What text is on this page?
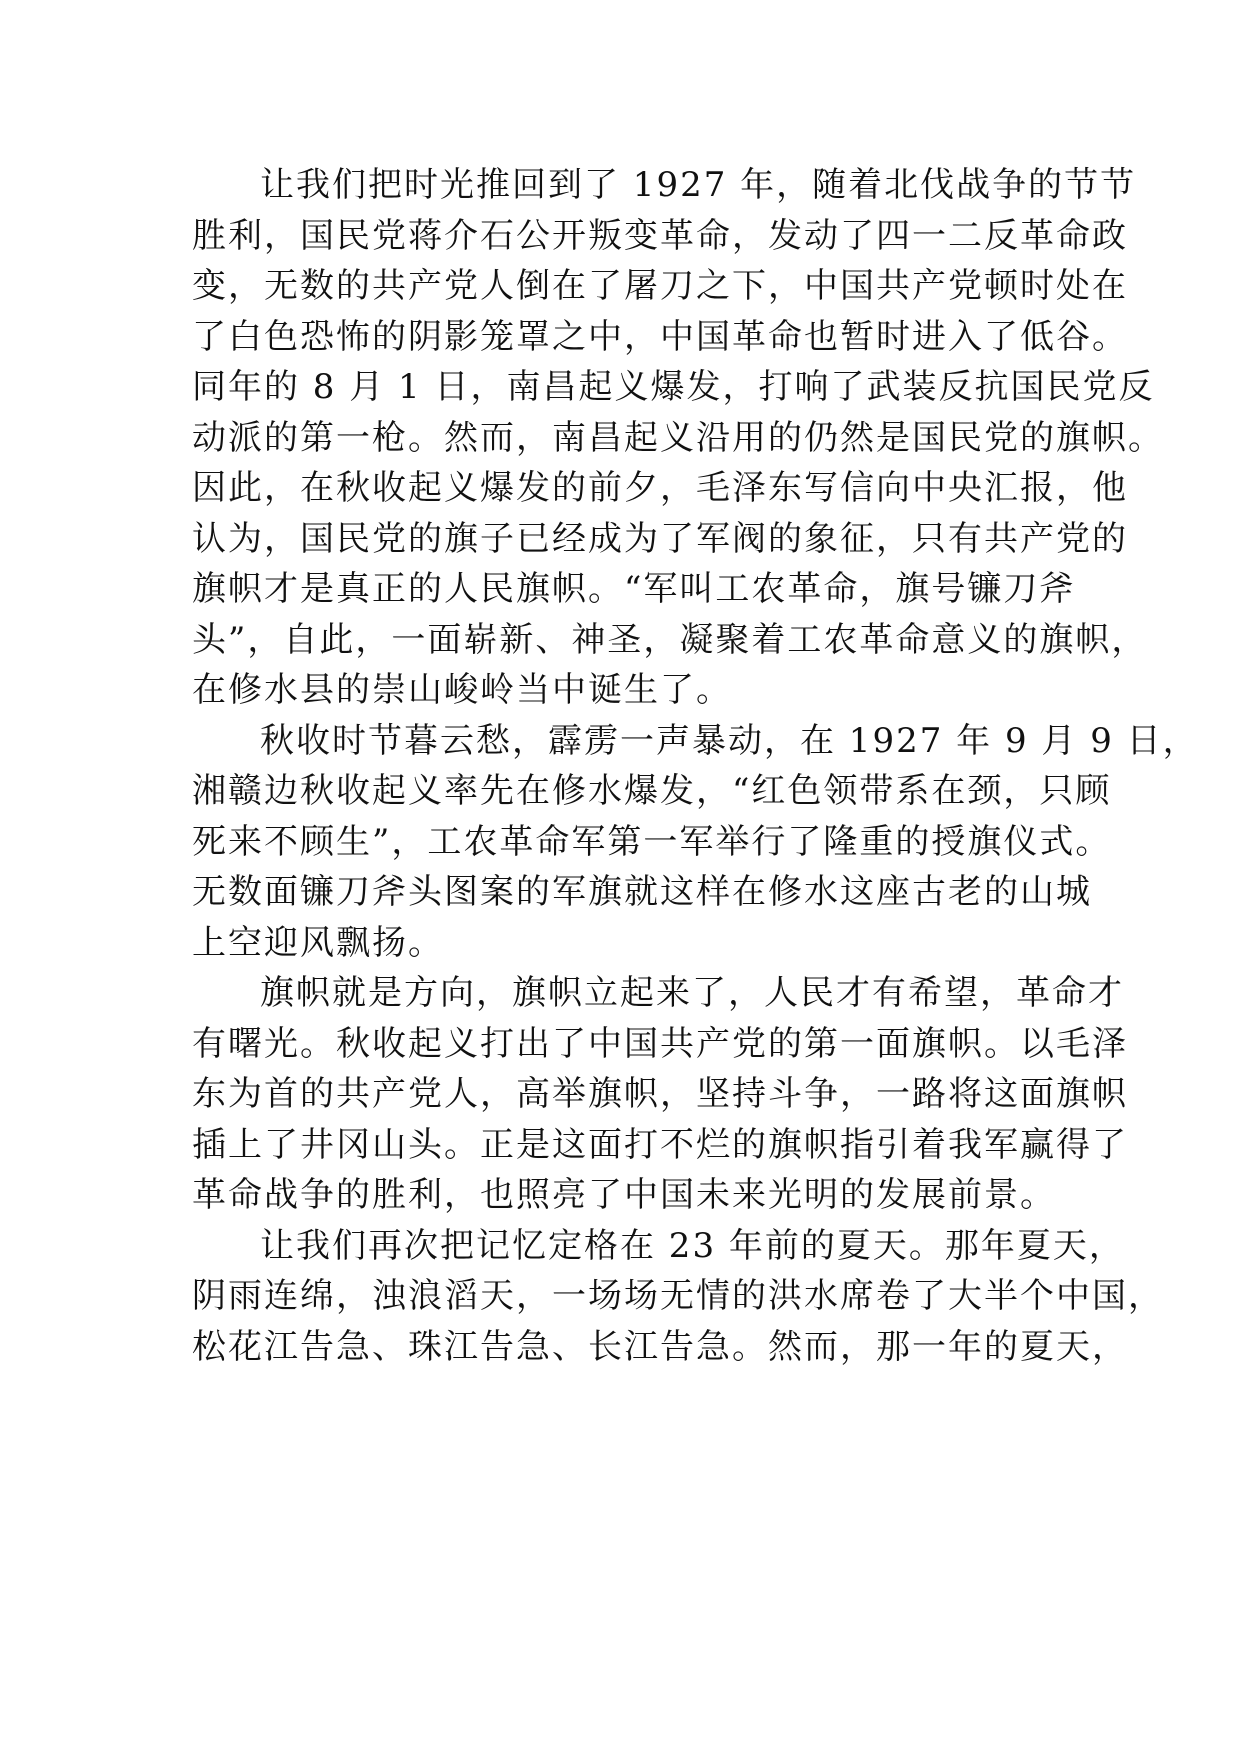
让我们把时光推回到了 1927 年，随着北伐战争的节节
胜利，国民党蒋介石公开叛变革命，发动了四一二反革命政
变，无数的共产党人倒在了屠刀之下，中国共产党顿时处在
了白色恐怖的阴影笼罩之中，中国革命也暂时进入了低谷。
同年的 8 月 1 日，南昌起义爆发，打响了武装反抗国民党反
动派的第一枪。然而，南昌起义沿用的仍然是国民党的旗帜。
因此，在秋收起义爆发的前夕，毛泽东写信向中央汇报，他
认为，国民党的旗子已经成为了军阀的象征，只有共产党的
旗帜才是真正的人民旗帜。“军叫工农革命，旗号镰刀斧
头”，自此，一面崭新、神圣，凝聚着工农革命意义的旗帜，
在修水县的崇山峻岭当中诞生了。
秋收时节暮云愁，霹雳一声暴动，在 1927 年 9 月 9 日，
湘赣边秋收起义率先在修水爆发，“红色领带系在颈，只顾
死来不顾生”，工农革命军第一军举行了隆重的授旗仪式。
无数面镰刀斧头图案的军旗就这样在修水这座古老的山城
上空迎风飘扬。
旗帜就是方向，旗帜立起来了，人民才有希望，革命才
有曙光。秋收起义打出了中国共产党的第一面旗帜。以毛泽
东为首的共产党人，高举旗帜，坚持斗争，一路将这面旗帜
插上了井冈山头。正是这面打不烂的旗帜指引着我军赢得了
革命战争的胜利，也照亮了中国未来光明的发展前景。
让我们再次把记忆定格在 23 年前的夏天。那年夏天，
阴雨连绵，浊浪滔天，一场场无情的洪水席卷了大半个中国，
松花江告急、珠江告急、长江告急。然而，那一年的夏天，
